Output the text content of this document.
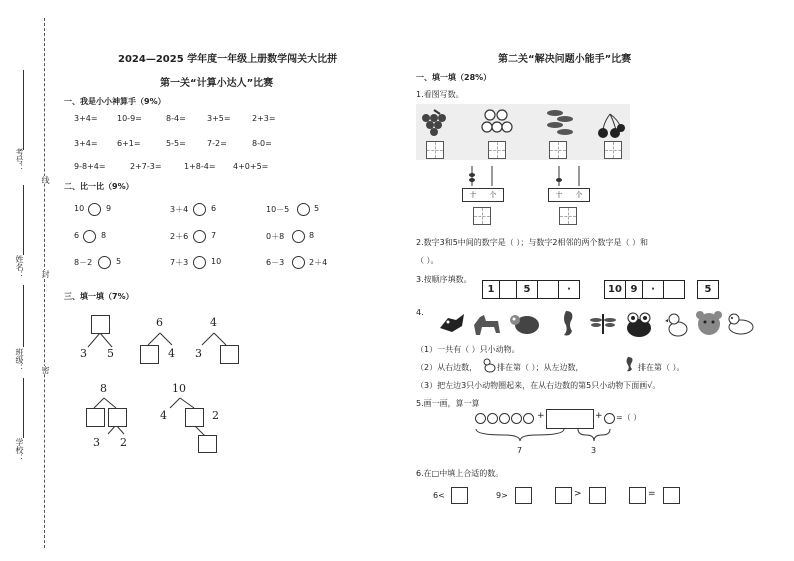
考号：
姓名：
班级：
学校：
线
封
密
2024—2025 学年度一年级上册数学闯关大比拼
第一关“计算小达人”比赛
一、我是小小神算手（9%）
3+4= 10-9=	8-4=	3+5=	2+3=
3+4= 6+1=	5-5=	7-2=	8-0=
9-8+4=	2+7-3=	1+8-4= 4+0+5=
二、比一比（9%）
10	9	3＋4	6	10－5	5
6	8	2＋6	7	0＋8	8
8－2	5	7＋3	10	6－3	2＋4
三、填一填（7%）
3 5
6
4
4
3
8
3 2
10
4	2
第二关“解决问题小能手”比赛
一、填一填（28%）
1.看图写数。
十 个	十 个
2.数字3和5中间的数字是（ ）；与数字2相邻的两个数字是（ ）和
（ ）。
3.按顺序填数。
1	5	·	10 9	·	5
4.
（1）一共有（ ）只小动物。
（2）从右边数， 排在第（ ）；从左边数，	排在第（ ）。
（3）把左边3只小动物圈起来，在从右边数的第5只小动物下面画√。
5.画一画，算一算
+	+ =（ ）
7	3
6.在□中填上合适的数。
6<	9>	>	=
